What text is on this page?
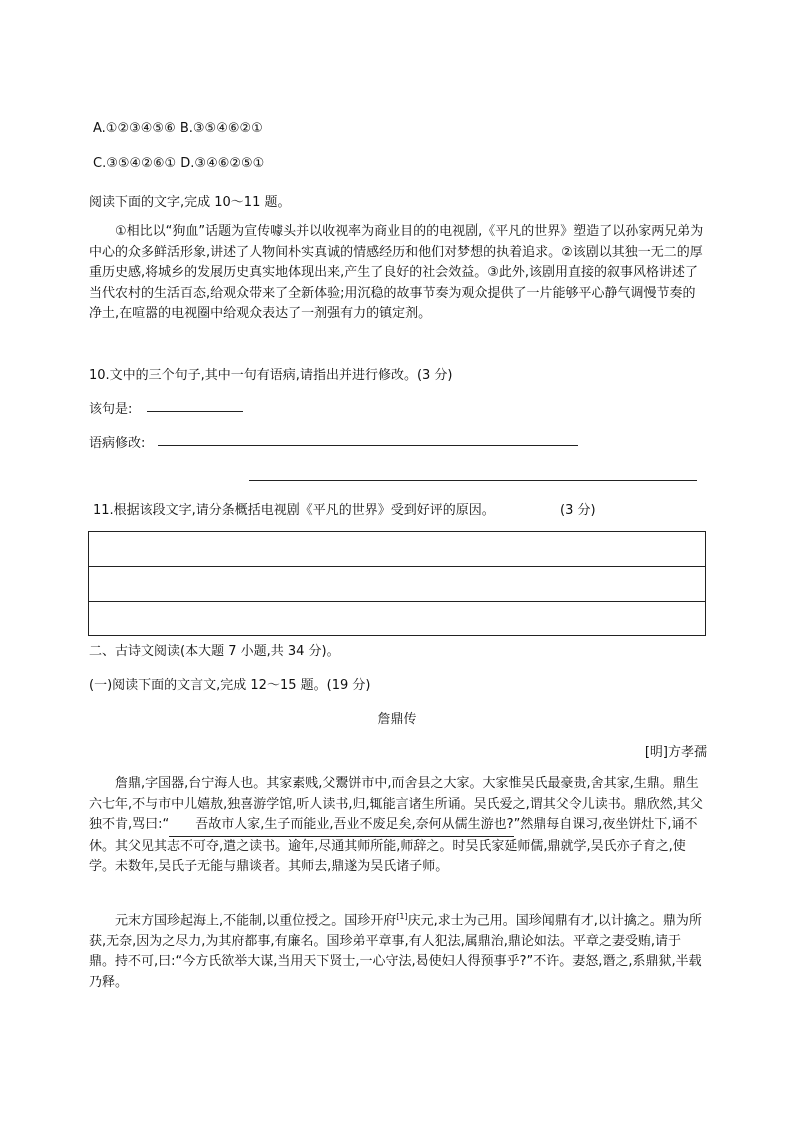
A.①②③④⑤⑥ B.③⑤④⑥②①
C.③⑤④②⑥① D.③④⑥②⑤①
阅读下面的文字,完成 10～11 题。
①相比以“狗血”话题为宣传噱头并以收视率为商业目的的电视剧,《平凡的世界》塑造了以孙家两兄弟为中心的众多鲜活形象,讲述了人物间朴实真诚的情感经历和他们对梦想的执着追求。②该剧以其独一无二的厚重历史感,将城乡的发展历史真实地体现出来,产生了良好的社会效益。③此外,该剧用直接的叙事风格讲述了当代农村的生活百态,给观众带来了全新体验;用沉稳的故事节奏为观众提供了一片能够平心静气调慢节奏的净土,在喧嚣的电视圈中给观众表达了一剂强有力的镇定剂。
10.文中的三个句子,其中一句有语病,请指出并进行修改。(3 分)
该句是:
语病修改:
11.根据该段文字,请分条概括电视剧《平凡的世界》受到好评的原因。	(3 分)
二、古诗文阅读(本大题 7 小题,共 34 分)。
(一)阅读下面的文言文,完成 12～15 题。(19 分)
詹鼎传
[明]方孝孺
詹鼎,字国器,台宁海人也。其家素贱,父鬻饼市中,而舍县之大家。大家惟吴氏最豪贵,舍其家,生鼎。鼎生六七年,不与市中儿嬉敖,独喜游学馆,听人读书,归,辄能言诸生所诵。吴氏爱之,谓其父令儿读书。鼎欣然,其父独不肯,骂曰:“ 吾故市人家,生子而能业,吾业不废足矣,奈何从儒生游也?”然鼎每自课习,夜坐饼灶下,诵不休。其父见其志不可夺,遣之读书。逾年,尽通其师所能,师辞之。时吴氏家延师儒,鼎就学,吴氏亦子育之,使学。未数年,吴氏子无能与鼎谈者。其师去,鼎遂为吴氏诸子师。
元末方国珍起海上,不能制,以重位授之。国珍开府[1]庆元,求士为己用。国珍闻鼎有才,以计擒之。鼎为所获,无奈,因为之尽力,为其府都事,有廉名。国珍弟平章事,有人犯法,属鼎治,鼎论如法。平章之妻受贿,请于鼎。持不可,曰:“今方氏欲举大谋,当用天下贤士,一心守法,曷使妇人得预事乎?”不许。妻怒,谮之,系鼎狱,半载乃释。
